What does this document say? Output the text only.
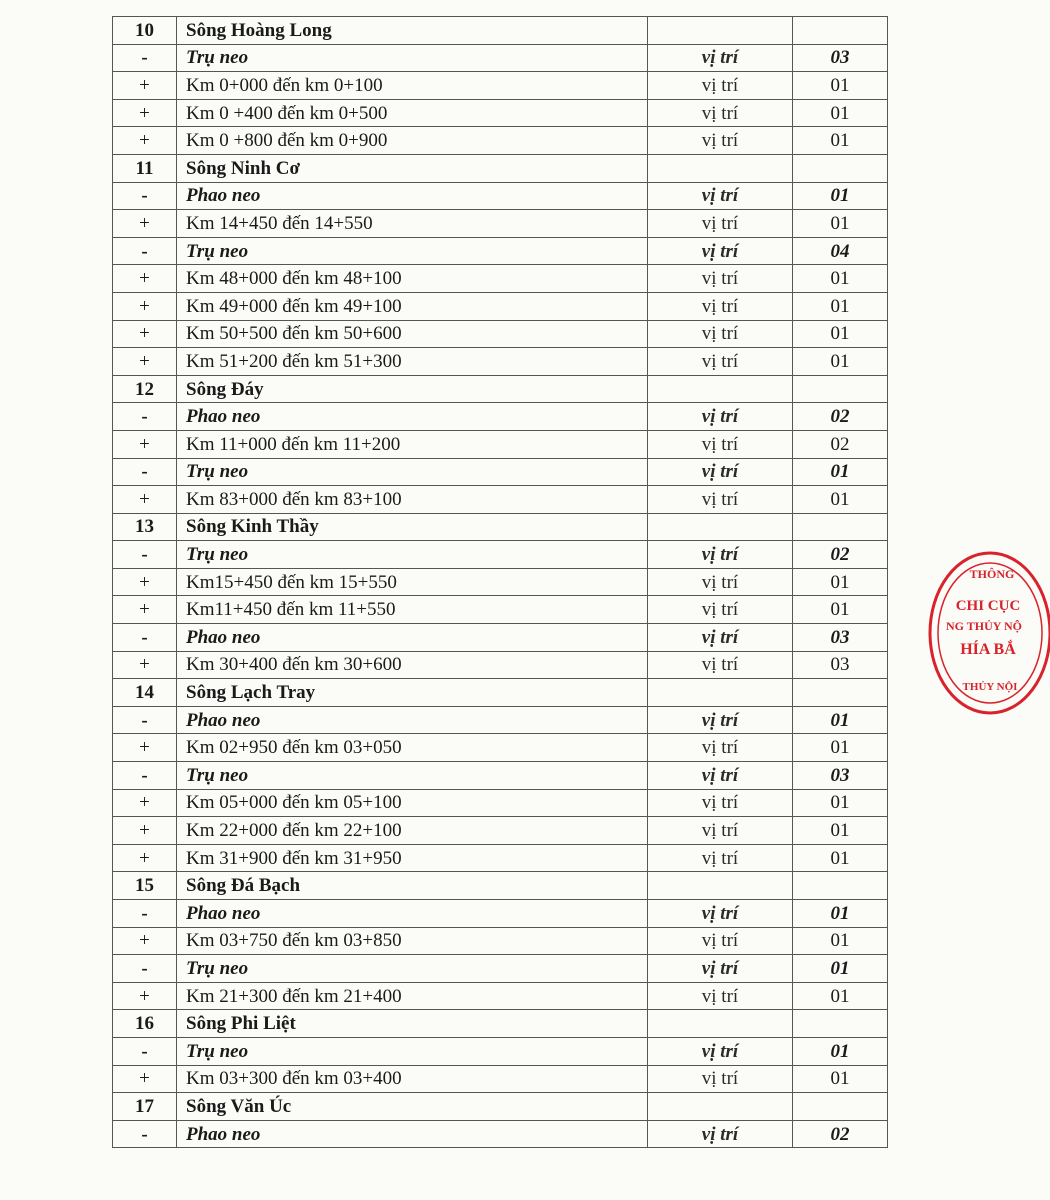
10	Sông Hoàng Long		
-	Trụ neo	vị trí	03
+	Km 0+000 đến km 0+100	vị trí	01
+	Km 0 +400 đến km 0+500	vị trí	01
+	Km 0 +800 đến km 0+900	vị trí	01
11	Sông Ninh Cơ		
-	Phao neo	vị trí	01
+	Km 14+450 đến 14+550	vị trí	01
-	Trụ neo	vị trí	04
+	Km 48+000 đến km 48+100	vị trí	01
+	Km 49+000 đến km 49+100	vị trí	01
+	Km 50+500 đến km 50+600	vị trí	01
+	Km 51+200 đến km 51+300	vị trí	01
12	Sông Đáy		
-	Phao neo	vị trí	02
+	Km 11+000 đến km 11+200	vị trí	02
-	Trụ neo	vị trí	01
+	Km 83+000 đến km 83+100	vị trí	01
13	Sông Kinh Thầy		
-	Trụ neo	vị trí	02
+	Km15+450 đến km 15+550	vị trí	01
+	Km11+450 đến km 11+550	vị trí	01
-	Phao neo	vị trí	03
+	Km 30+400 đến km 30+600	vị trí	03
14	Sông Lạch Tray		
-	Phao neo	vị trí	01
+	Km 02+950 đến km 03+050	vị trí	01
-	Trụ neo	vị trí	03
+	Km 05+000 đến km 05+100	vị trí	01
+	Km 22+000 đến km 22+100	vị trí	01
+	Km 31+900 đến km 31+950	vị trí	01
15	Sông Đá Bạch		
-	Phao neo	vị trí	01
+	Km 03+750 đến km 03+850	vị trí	01
-	Trụ neo	vị trí	01
+	Km 21+300 đến km 21+400	vị trí	01
16	Sông Phi Liệt		
-	Trụ neo	vị trí	01
+	Km 03+300 đến km 03+400	vị trí	01
17	Sông Văn Úc		
-	Phao neo	vị trí	02
THÔNG
CHI CỤC
NG THỦY NỘ
HÍA BẮ
THỦY NỘI
